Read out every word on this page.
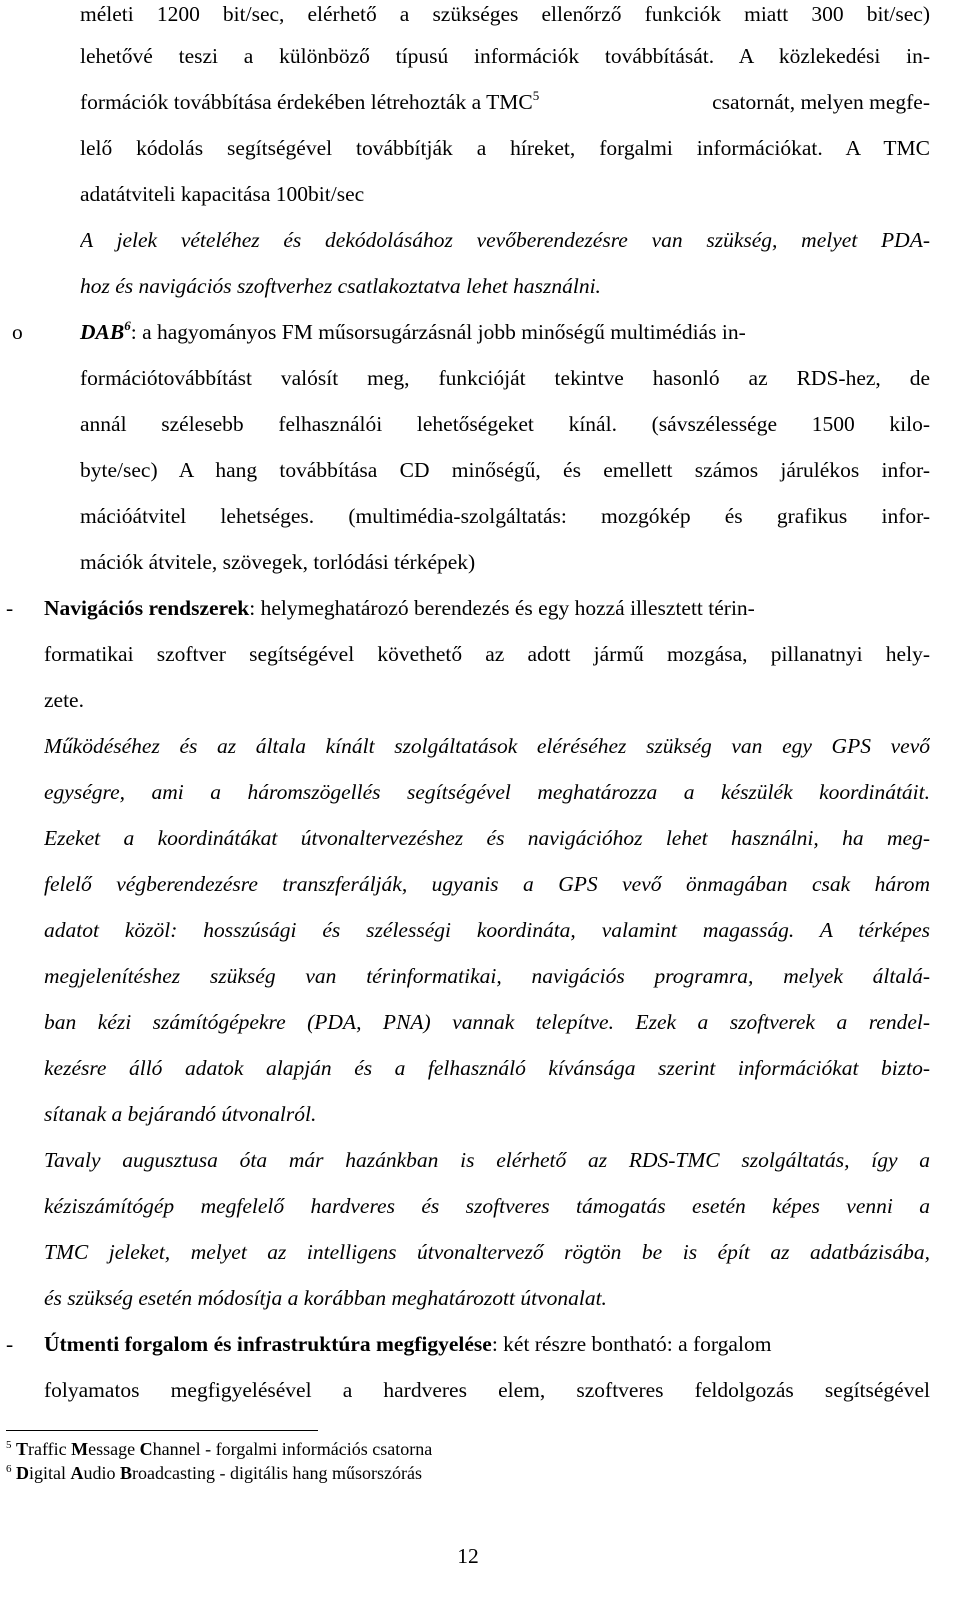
méleti 1200 bit/sec, elérhető a szükséges ellenőrző funkciók miatt 300 bit/sec)
lehetővé teszi a különböző típusú információk továbbítását. A közlekedési in-
formációk továbbítása érdekében létrehozták a TMC$^5$	csatornát, melyen megfe-
lelő kódolás segítségével továbbítják a híreket, forgalmi információkat. A TMC
adatátviteli kapacitása 100bit/sec
A jelek vételéhez és dekódolásához vevőberendezésre van szükség, melyet PDA-
hoz és navigációs szoftverhez csatlakoztatva lehet használni.
o	DAB$^6$: a hagyományos FM műsorsugárzásnál jobb minőségű multimédiás in-
formációtovábbítást valósít meg, funkcióját tekintve hasonló az RDS-hez, de
annál szélesebb felhasználói lehetőségeket kínál. (sávszélessége 1500 kilo-
byte/sec) A hang továbbítása CD minőségű, és emellett számos járulékos infor-
mációátvitel lehetséges. (multimédia-szolgáltatás: mozgókép és grafikus infor-
mációk átvitele, szövegek, torlódási térképek)
- Navigációs rendszerek: helymeghatározó berendezés és egy hozzá illesztett térin-
formatikai szoftver segítségével követhető az adott jármű mozgása, pillanatnyi hely-
zete.
Működéséhez és az általa kínált szolgáltatások eléréséhez szükség van egy GPS vevő
egységre, ami a háromszögellés segítségével meghatározza a készülék koordinátáit.
Ezeket a koordinátákat útvonaltervezéshez és navigációhoz lehet használni, ha meg-
felelő végberendezésre transzferálják, ugyanis a GPS vevő önmagában csak három
adatot közöl: hosszúsági és szélességi koordináta, valamint magasság. A térképes
megjelenítéshez szükség van térinformatikai, navigációs programra, melyek általá-
ban kézi számítógépekre (PDA, PNA) vannak telepítve. Ezek a szoftverek a rendel-
kezésre álló adatok alapján és a felhasználó kívánsága szerint információkat bizto-
sítanak a bejárandó útvonalról.
Tavaly augusztusa óta már hazánkban is elérhető az RDS-TMC szolgáltatás, így a
kéziszámítógép megfelelő hardveres és szoftveres támogatás esetén képes venni a
TMC jeleket, melyet az intelligens útvonaltervező rögtön be is épít az adatbázisába,
és szükség esetén módosítja a korábban meghatározott útvonalat.
- Útmenti forgalom és infrastruktúra megfigyelése: két részre bontható: a forgalom
folyamatos megfigyelésével a hardveres elem, szoftveres feldolgozás segítségével
$^5$ Traffic Message Channel - forgalmi információs csatorna
$^6$ Digital Audio Broadcasting - digitális hang műsorszórás
12
